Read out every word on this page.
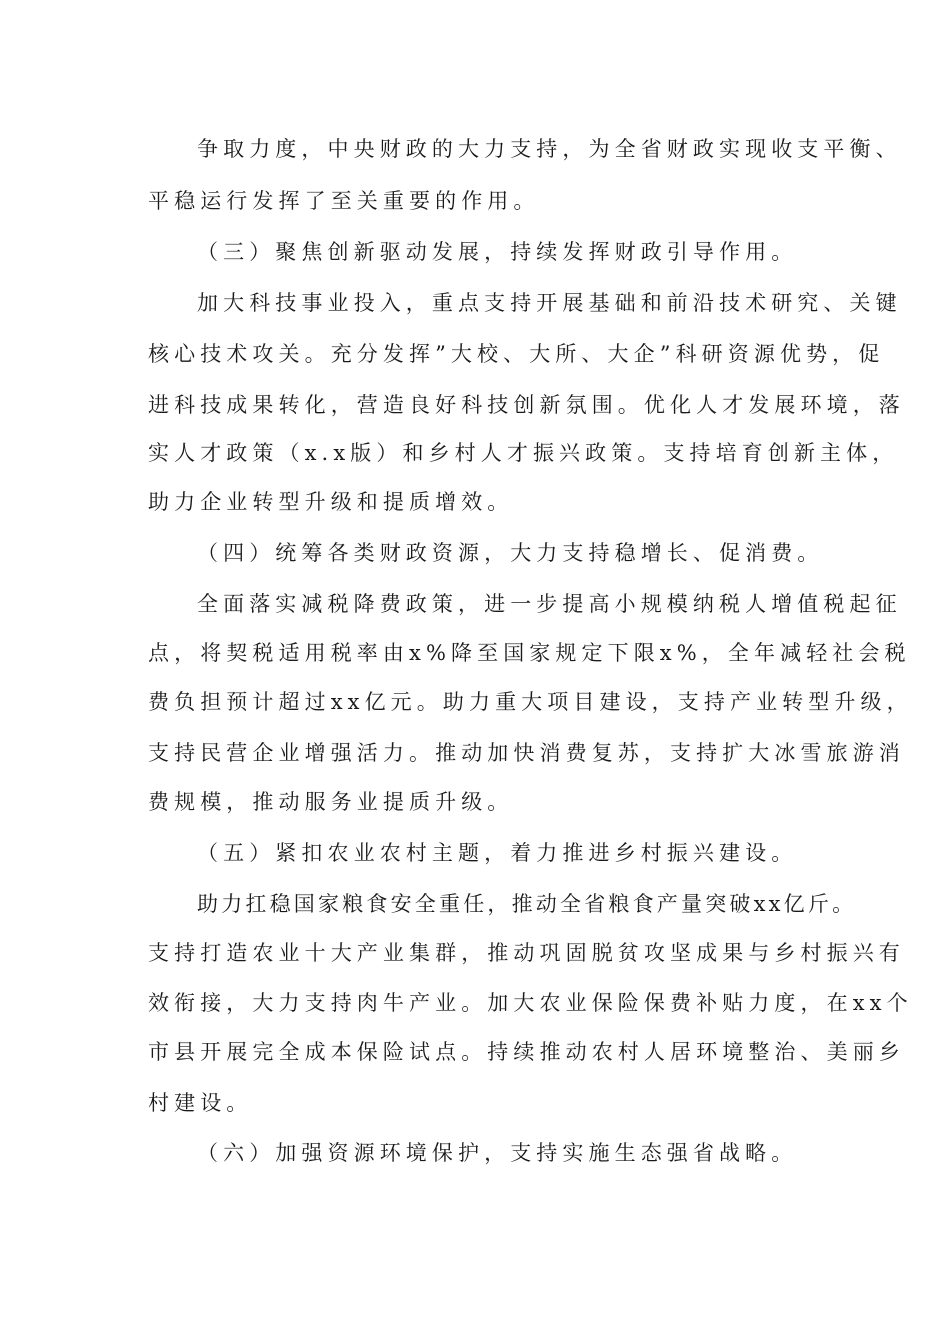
争取力度，中央财政的大力支持，为全省财政实现收支平衡、
平稳运行发挥了至关重要的作用。
（三）聚焦创新驱动发展，持续发挥财政引导作用。
加大科技事业投入，重点支持开展基础和前沿技术研究、关键
核心技术攻关。充分发挥”大校、大所、大企”科研资源优势，促
进科技成果转化，营造良好科技创新氛围。优化人才发展环境，落
实人才政策（x.x版）和乡村人才振兴政策。支持培育创新主体，
助力企业转型升级和提质增效。
（四）统筹各类财政资源，大力支持稳增长、促消费。
全面落实减税降费政策，进一步提高小规模纳税人增值税起征
点，将契税适用税率由x%降至国家规定下限x%，全年减轻社会税
费负担预计超过xx亿元。助力重大项目建设，支持产业转型升级，
支持民营企业增强活力。推动加快消费复苏，支持扩大冰雪旅游消
费规模，推动服务业提质升级。
（五）紧扣农业农村主题，着力推进乡村振兴建设。
助力扛稳国家粮食安全重任，推动全省粮食产量突破xx亿斤。
支持打造农业十大产业集群，推动巩固脱贫攻坚成果与乡村振兴有
效衔接，大力支持肉牛产业。加大农业保险保费补贴力度，在xx个
市县开展完全成本保险试点。持续推动农村人居环境整治、美丽乡
村建设。
（六）加强资源环境保护，支持实施生态强省战略。
